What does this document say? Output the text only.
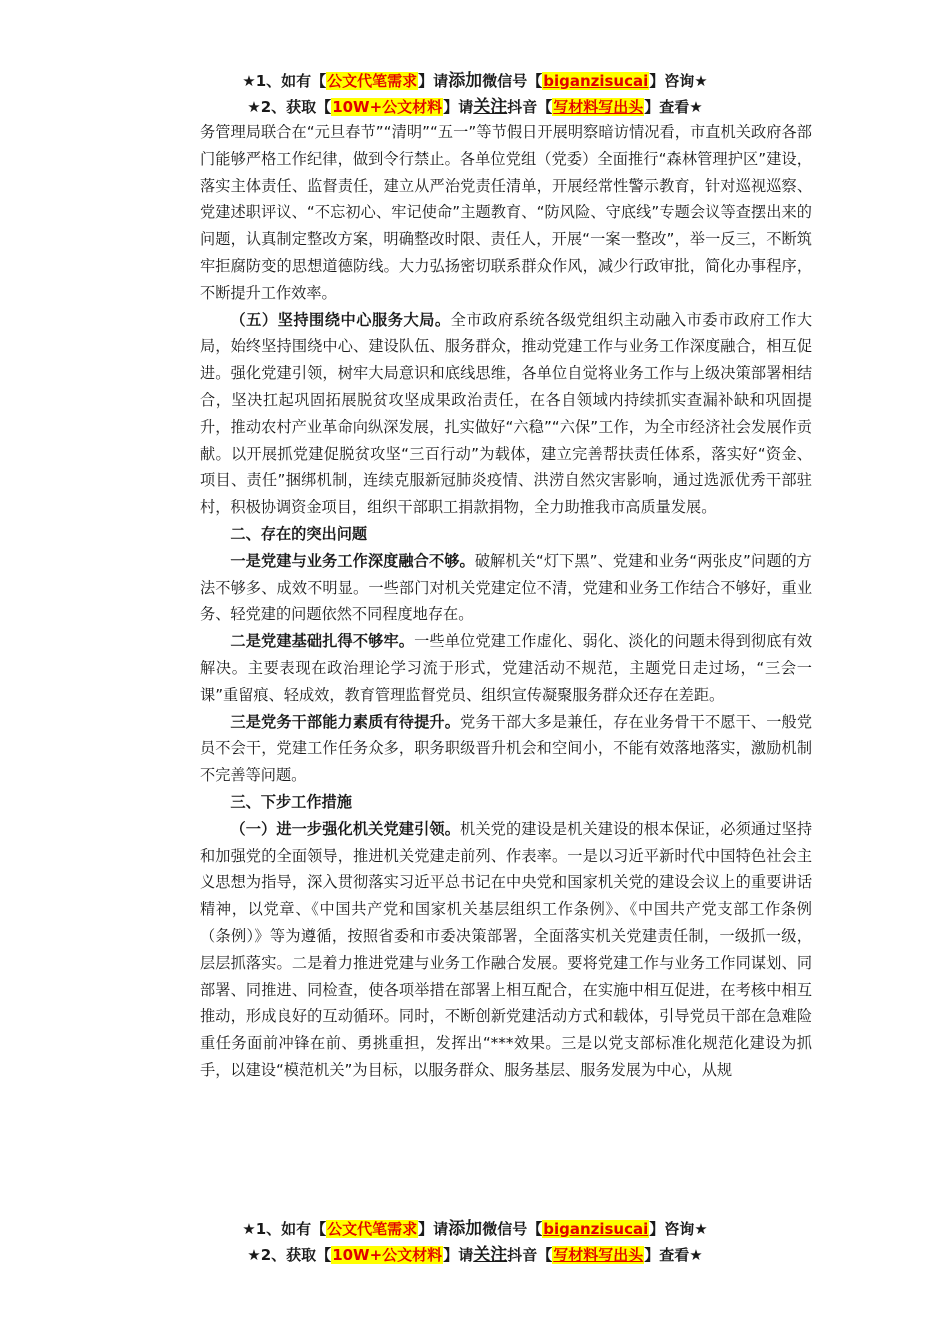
★1、如有【公文代笔需求】请添加微信号【biganzisucai】咨询★
★2、获取【10W+公文材料】请关注抖音【写材料写出头】查看★

务管理局联合在“元旦春节”“清明”“五一”等节假日开展明察暗访情况看，市直机关政府各部门能够严格工作纪律，做到令行禁止。各单位党组（党委）全面推行“森林管理护区”建设，落实主体责任、监督责任，建立从严治党责任清单，开展经常性警示教育，针对巡视巡察、党建述职评议、“不忘初心、牢记使命”主题教育、“防风险、守底线”专题会议等查摆出来的问题，认真制定整改方案，明确整改时限、责任人，开展“一案一整改”，举一反三，不断筑牢拒腐防变的思想道德防线。大力弘扬密切联系群众作风，减少行政审批，简化办事程序，不断提升工作效率。

（五）坚持围绕中心服务大局。全市政府系统各级党组织主动融入市委市政府工作大局，始终坚持围绕中心、建设队伍、服务群众，推动党建工作与业务工作深度融合，相互促进。强化党建引领，树牢大局意识和底线思维，各单位自觉将业务工作与上级决策部署相结合，坚决扛起巩固拓展脱贫攻坚成果政治责任，在各自领域内持续抓实查漏补缺和巩固提升，推动农村产业革命向纵深发展，扎实做好“六稳”“六保”工作，为全市经济社会发展作贡献。以开展抓党建促脱贫攻坚“三百行动”为载体，建立完善帮扶责任体系，落实好“资金、项目、责任”捆绑机制，连续克服新冠肺炎疫情、洪涝自然灾害影响，通过选派优秀干部驻村，积极协调资金项目，组织干部职工捐款捐物，全力助推我市高质量发展。

二、存在的突出问题

一是党建与业务工作深度融合不够。破解机关“灯下黑”、党建和业务“两张皮”问题的方法不够多、成效不明显。一些部门对机关党建定位不清，党建和业务工作结合不够好，重业务、轻党建的问题依然不同程度地存在。

二是党建基础扎得不够牢。一些单位党建工作虚化、弱化、淡化的问题未得到彻底有效解决。主要表现在政治理论学习流于形式，党建活动不规范，主题党日走过场，“三会一课”重留痕、轻成效，教育管理监督党员、组织宣传凝聚服务群众还存在差距。

三是党务干部能力素质有待提升。党务干部大多是兼任，存在业务骨干不愿干、一般党员不会干，党建工作任务众多，职务职级晋升机会和空间小，不能有效落地落实，激励机制不完善等问题。

三、下步工作措施

（一）进一步强化机关党建引领。机关党的建设是机关建设的根本保证，必须通过坚持和加强党的全面领导，推进机关党建走前列、作表率。一是以习近平新时代中国特色社会主义思想为指导，深入贯彻落实习近平总书记在中央党和国家机关党的建设会议上的重要讲话精神，以党章、《中国共产党和国家机关基层组织工作条例》、《中国共产党支部工作条例（条例）》等为遵循，按照省委和市委决策部署，全面落实机关党建责任制，一级抓一级，层层抓落实。二是着力推进党建与业务工作融合发展。要将党建工作与业务工作同谋划、同部署、同推进、同检查，使各项举措在部署上相互配合，在实施中相互促进，在考核中相互推动，形成良好的互动循环。同时，不断创新党建活动方式和载体，引导党员干部在急难险重任务面前冲锋在前、勇挑重担，发挥出“***效果。三是以党支部标准化规范化建设为抓手，以建设“模范机关”为目标，以服务群众、服务基层、服务发展为中心，从规

★1、如有【公文代笔需求】请添加微信号【biganzisucai】咨询★
★2、获取【10W+公文材料】请关注抖音【写材料写出头】查看★
